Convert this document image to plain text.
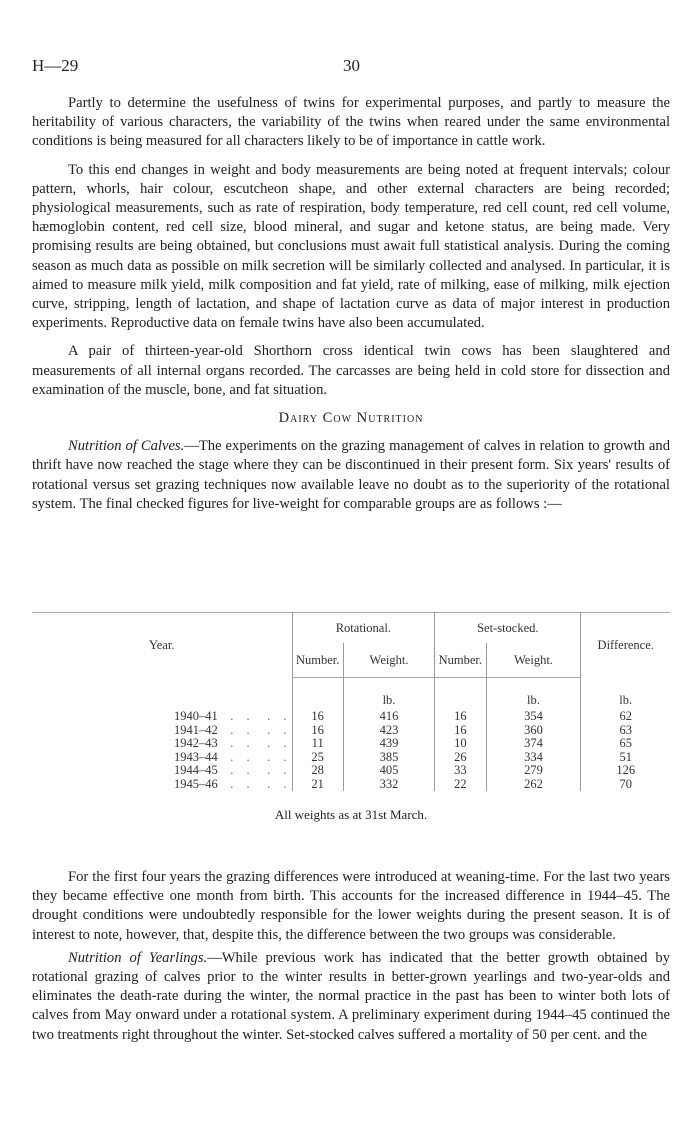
H—29	30

Partly to determine the usefulness of twins for experimental purposes, and partly to measure the heritability of various characters, the variability of the twins when reared under the same environmental conditions is being measured for all characters likely to be of importance in cattle work.

To this end changes in weight and body measurements are being noted at frequent intervals; colour pattern, whorls, hair colour, escutcheon shape, and other external characters are being recorded; physiological measurements, such as rate of respiration, body temperature, red cell count, red cell volume, hæmoglobin content, red cell size, blood mineral, and sugar and ketone status, are being made. Very promising results are being obtained, but conclusions must await full statistical analysis. During the coming season as much data as possible on milk secretion will be similarly collected and analysed. In particular, it is aimed to measure milk yield, milk composition and fat yield, rate of milking, ease of milking, milk ejection curve, stripping, length of lactation, and shape of lactation curve as data of major interest in production experiments. Reproductive data on female twins have also been accumulated.

A pair of thirteen-year-old Shorthorn cross identical twin cows has been slaughtered and measurements of all internal organs recorded. The carcasses are being held in cold store for dissection and examination of the muscle, bone, and fat situation.

Dairy Cow Nutrition

Nutrition of Calves.—The experiments on the grazing management of calves in relation to growth and thrift have now reached the stage where they can be discontinued in their present form. Six years' results of rotational versus set grazing techniques now available leave no doubt as to the superiority of the rotational system. The final checked figures for live-weight for comparable groups are as follows :—

Year.	Rotational.		Set-stocked.		Difference.
	Number.	Weight.	Number.	Weight.	
		lb.		lb.	lb.
1940–41 . . . .	16	416	16	354	62
1941–42 . . . .	16	423	16	360	63
1942–43 . . . .	11	439	10	374	65
1943–44 . . . .	25	385	26	334	51
1944–45 . . . .	28	405	33	279	126
1945–46 . . . .	21	332	22	262	70
All weights as at 31st March.

For the first four years the grazing differences were introduced at weaning-time. For the last two years they became effective one month from birth. This accounts for the increased difference in 1944–45. The drought conditions were undoubtedly responsible for the lower weights during the present season. It is of interest to note, however, that, despite this, the difference between the two groups was considerable.

Nutrition of Yearlings.—While previous work has indicated that the better growth obtained by rotational grazing of calves prior to the winter results in better-grown yearlings and two-year-olds and eliminates the death-rate during the winter, the normal practice in the past has been to winter both lots of calves from May onward under a rotational system. A preliminary experiment during 1944–45 continued the two treatments right throughout the winter. Set-stocked calves suffered a mortality of 50 per cent. and the
